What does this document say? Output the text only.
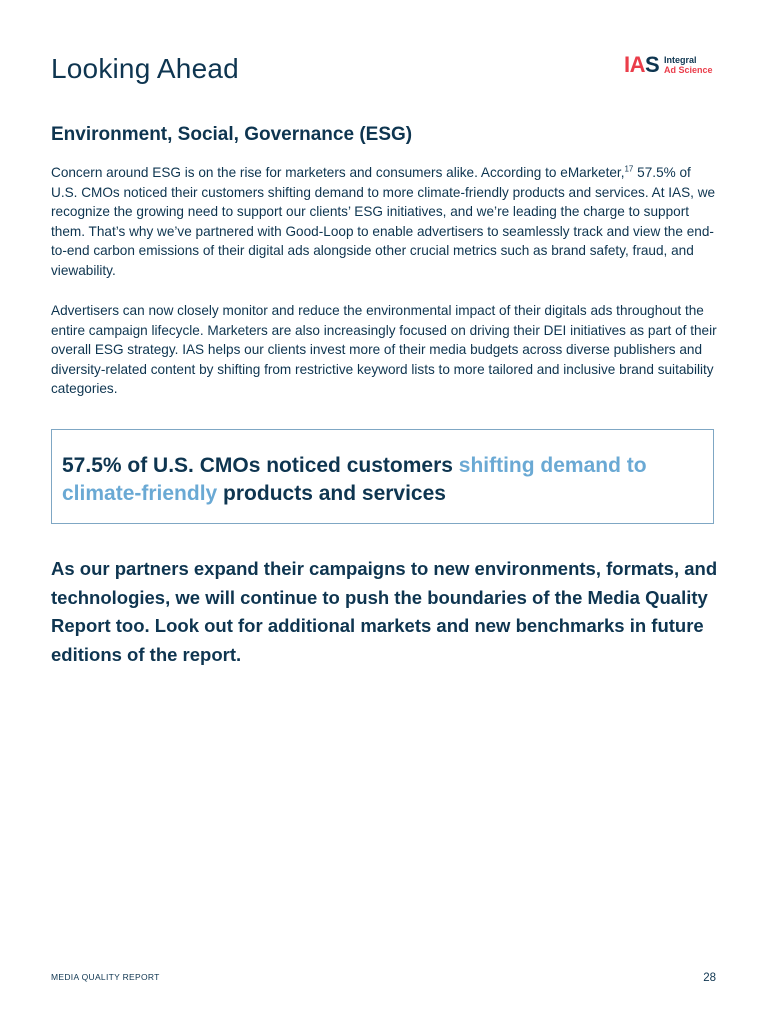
Looking Ahead	IAS Integral
Ad Science
Environment, Social, Governance (ESG)

Concern around ESG is on the rise for marketers and consumers alike. According to eMarketer,$^{17}$ 57.5% of U.S. CMOs noticed their customers shifting demand to more climate-friendly products and services. At IAS, we recognize the growing need to support our clients’ ESG initiatives, and we’re leading the charge to support them. That’s why we’ve partnered with Good-Loop to enable advertisers to seamlessly track and view the end-to-end carbon emissions of their digital ads alongside other crucial metrics such as brand safety, fraud, and viewability.

Advertisers can now closely monitor and reduce the environmental impact of their digitals ads throughout the entire campaign lifecycle. Marketers are also increasingly focused on driving their DEI initiatives as part of their overall ESG strategy. IAS helps our clients invest more of their media budgets across diverse publishers and diversity-related content by shifting from restrictive keyword lists to more tailored and inclusive brand suitability categories.

57.5% of U.S. CMOs noticed customers shifting demand to climate-friendly products and services

As our partners expand their campaigns to new environments, formats, and technologies, we will continue to push the boundaries of the Media Quality Report too. Look out for additional markets and new benchmarks in future editions of the report.

MEDIA QUALITY REPORT	28
